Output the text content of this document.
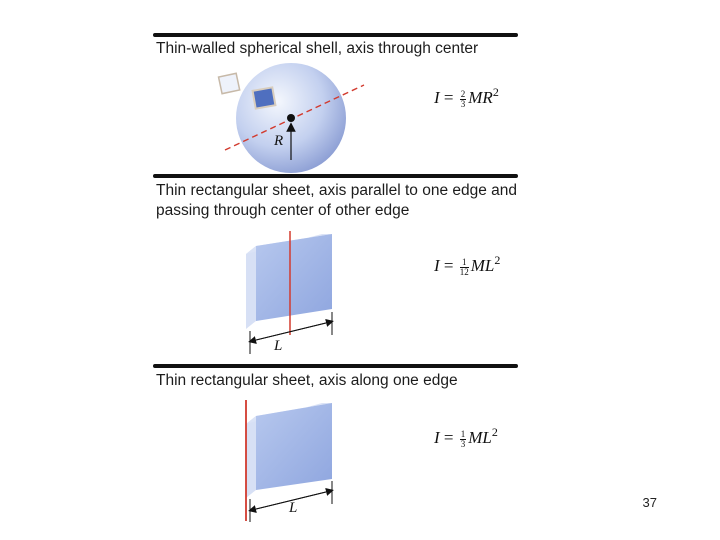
Thin-walled spherical shell, axis through center
R
$I = \frac{2}{3} MR^2$
Thin rectangular sheet, axis parallel to one edge and passing through center of other edge
$I = \frac{1}{12} ML^2$
L
Thin rectangular sheet, axis along one edge
$I = \frac{1}{3} ML^2$
L	37
